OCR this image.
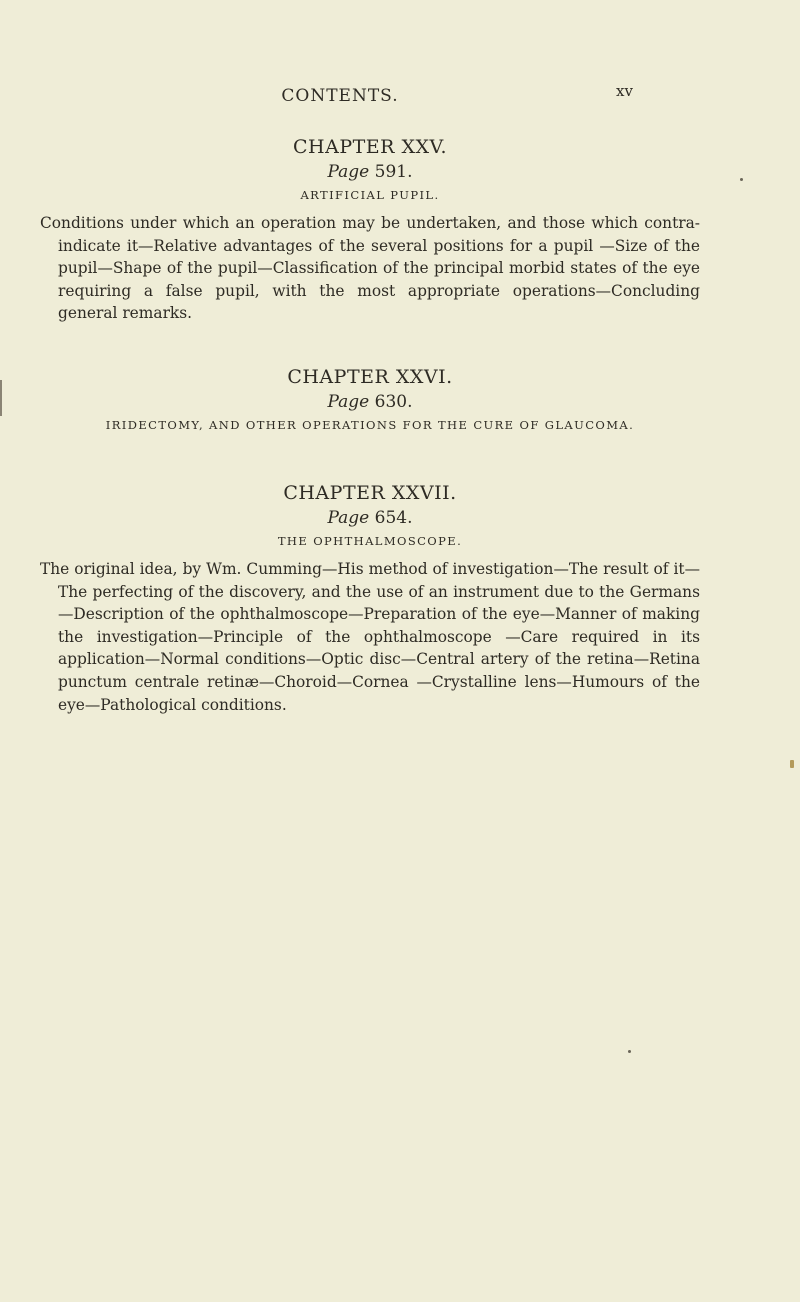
CONTENTS.	xv

CHAPTER XXV.

Page 591.

ARTIFICIAL PUPIL.

Conditions under which an operation may be undertaken, and those which contra-indicate it—Relative advantages of the several positions for a pupil —Size of the pupil—Shape of the pupil—Classification of the principal morbid states of the eye requiring a false pupil, with the most appropriate operations—Concluding general remarks.

CHAPTER XXVI.

Page 630.

IRIDECTOMY, AND OTHER OPERATIONS FOR THE CURE OF GLAUCOMA.

CHAPTER XXVII.

Page 654.

THE OPHTHALMOSCOPE.

The original idea, by Wm. Cumming—His method of investigation—The result of it—The perfecting of the discovery, and the use of an instrument due to the Germans—Description of the ophthalmoscope—Preparation of the eye—Manner of making the investigation—Principle of the ophthalmoscope —Care required in its application—Normal conditions—Optic disc—Central artery of the retina—Retina punctum centrale retinæ—Choroid—Cornea —Crystalline lens—Humours of the eye—Pathological conditions.
